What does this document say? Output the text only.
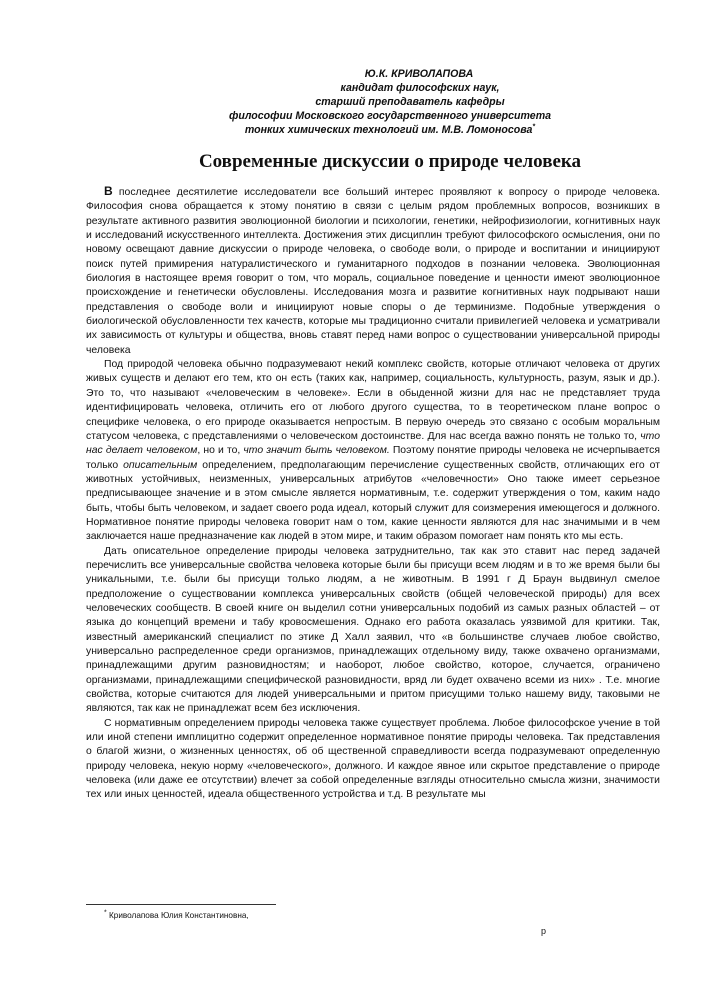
Ю.К. КРИВОЛАПОВА
кандидат философских наук,
старший преподаватель кафедры
философии Московского государственного университета
тонких химических технологий им. М.В. Ломоносова*
Современные дискуссии о природе человека

В последнее десятилетие исследователи все больший интерес проявляют к вопросу о природе человека. Философия снова обращается к этому понятию в связи с целым рядом проблемных вопросов, возникших в результате активного развития эволюционной биологии и психологии, генетики, нейрофизиологии, когнитивных наук и исследований искусственного интеллекта. Достижения этих дисциплин требуют философского осмысления, они по новому освещают давние дискуссии о природе человека, о свободе воли, о природе и воспитании и инициируют поиск путей примирения натуралистического и гуманитарного подходов в познании человека. Эволюционная биология в настоящее время говорит о том, что мораль, социальное поведение и ценности имеют эволюционное происхождение и генетически обусловлены. Исследования мозга и развитие когнитивных наук подрывают наши представления о свободе воли и инициируют новые споры о де терминизме. Подобные утверждения о биологической обусловленности тех качеств, которые мы традиционно считали привилегией человека и усматривали их зависимость от культуры и общества, вновь ставят перед нами вопрос о существовании универсальной природы человека

Под природой человека обычно подразумевают некий комплекс свойств, которые отличают человека от других живых существ и делают его тем, кто он есть (таких как, например, социальность, культурность, разум, язык и др.). Это то, что называют «человеческим в человеке». Если в обыденной жизни для нас не представляет труда идентифицировать человека, отличить его от любого другого существа, то в теоретическом плане вопрос о специфике человека, о его природе оказывается непростым. В первую очередь это связано с особым моральным статусом человека, с представлениями о человеческом достоинстве. Для нас всегда важно понять не только то, что нас делает человеком, но и то, что значит быть человеком. Поэтому понятие природы человека не исчерпывается только описательным определением, предполагающим перечисление существенных свойств, отличающих его от животных устойчивых, неизменных, универсальных атрибутов «человечности» Оно также имеет серьезное предписывающее значение и в этом смысле является нормативным, т.е. содержит утверждения о том, каким надо быть, чтобы быть человеком, и задает своего рода идеал, который служит для соизмерения имеющегося и должного. Нормативное понятие природы человека говорит нам о том, какие ценности являются для нас значимыми и в чем заключается наше предназначение как людей в этом мире, и таким образом помогает нам понять кто мы есть.

Дать описательное определение природы человека затруднительно, так как это ставит нас перед задачей перечислить все универсальные свойства человека которые были бы присущи всем людям и в то же время были бы уникальными, т.е. были бы присущи только людям, а не животным. В 1991 г Д Браун выдвинул смелое предположение о существовании комплекса универсальных свойств (общей человеческой природы) для всех человеческих сообществ. В своей книге он выделил сотни универсальных подобий из самых разных областей – от языка до концепций времени и табу кровосмешения. Однако его работа оказалась уязвимой для критики. Так, известный американский специалист по этике Д Халл заявил, что «в большинстве случаев любое свойство, универсально распределенное среди организмов, принадлежащих отдельному виду, также охвачено организмами, принадлежащими другим разновидностям; и наоборот, любое свойство, которое, случается, ограничено организмами, принадлежащими специфической разновидности, вряд ли будет охвачено всеми из них» . Т.е. многие свойства, которые считаются для людей универсальными и притом присущими только нашему виду, таковыми не являются, так как не принадлежат всем без исключения.

С нормативным определением природы человека также существует проблема. Любое философское учение в той или иной степени имплицитно содержит определенное нормативное понятие природы человека. Так представления о благой жизни, о жизненных ценностях, об об щественной справедливости всегда подразумевают определенную природу человека, некую норму «человеческого», должного. И каждое явное или скрытое представление о природе человека (или даже ее отсутствии) влечет за собой определенные взгляды относительно смысла жизни, значимости тех или иных ценностей, идеала общественного устройства и т.д. В результате мы

* Криволапова Юлия Константиновна,
р
